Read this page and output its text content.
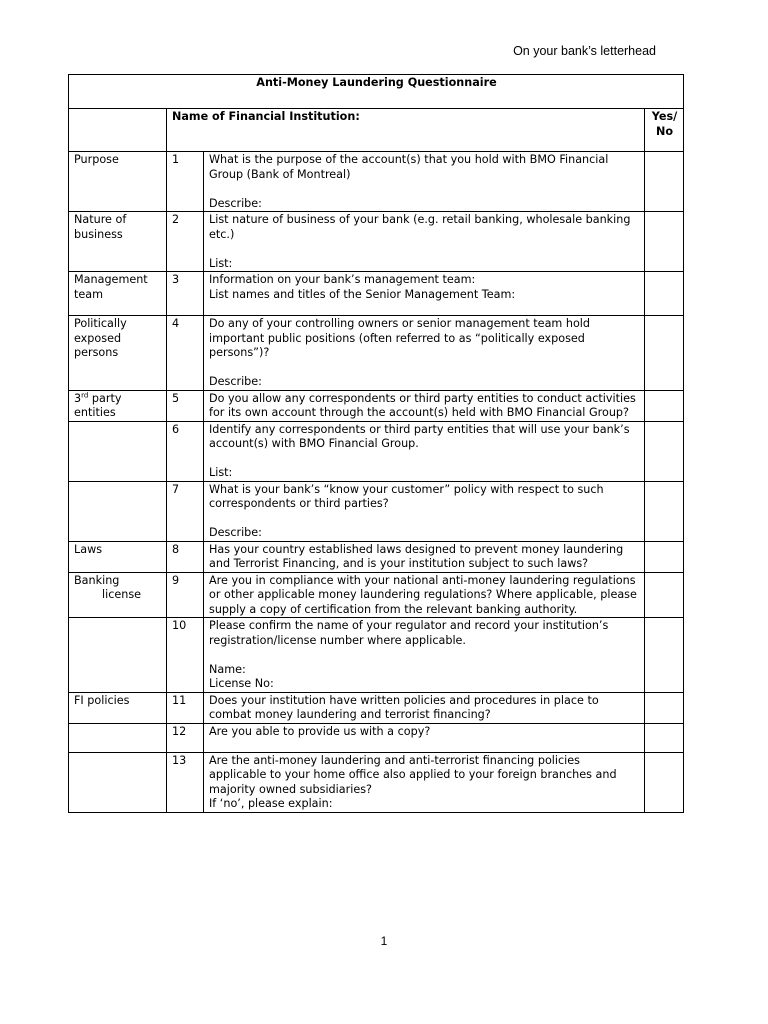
On your bank’s letterhead
Anti-Money Laundering Questionnaire			
	Name of Financial Institution:		Yes/No
Purpose	1	What is the purpose of the account(s) that you hold with BMO Financial Group (Bank of Montreal)

Describe:	
Nature of business	2	List nature of business of your bank (e.g. retail banking, wholesale banking etc.)

List:	
Management team	3	Information on your bank’s management team:
List names and titles of the Senior Management Team:	
Politically exposed persons	4	Do any of your controlling owners or senior management team hold important public positions (often referred to as “politically exposed persons”)?

Describe:	
3rd party entities	5	Do you allow any correspondents or third party entities to conduct activities for its own account through the account(s) held with BMO Financial Group?	
	6	Identify any correspondents or third party entities that will use your bank’s account(s) with BMO Financial Group.

List:	
	7	What is your bank’s “know your customer” policy with respect to such correspondents or third parties?

Describe:	
Laws	8	Has your country established laws designed to prevent money laundering and Terrorist Financing, and is your institution subject to such laws?	
Banking
license	9	Are you in compliance with your national anti-money laundering regulations or other applicable money laundering regulations? Where applicable, please supply a copy of certification from the relevant banking authority.	
	10	Please confirm the name of your regulator and record your institution’s registration/license number where applicable.

Name:
License No:	
FI policies	11	Does your institution have written policies and procedures in place to combat money laundering and terrorist financing?	
	12	Are you able to provide us with a copy?	
	13	Are the anti-money laundering and anti-terrorist financing policies applicable to your home office also applied to your foreign branches and majority owned subsidiaries?
If ‘no’, please explain:	
1
